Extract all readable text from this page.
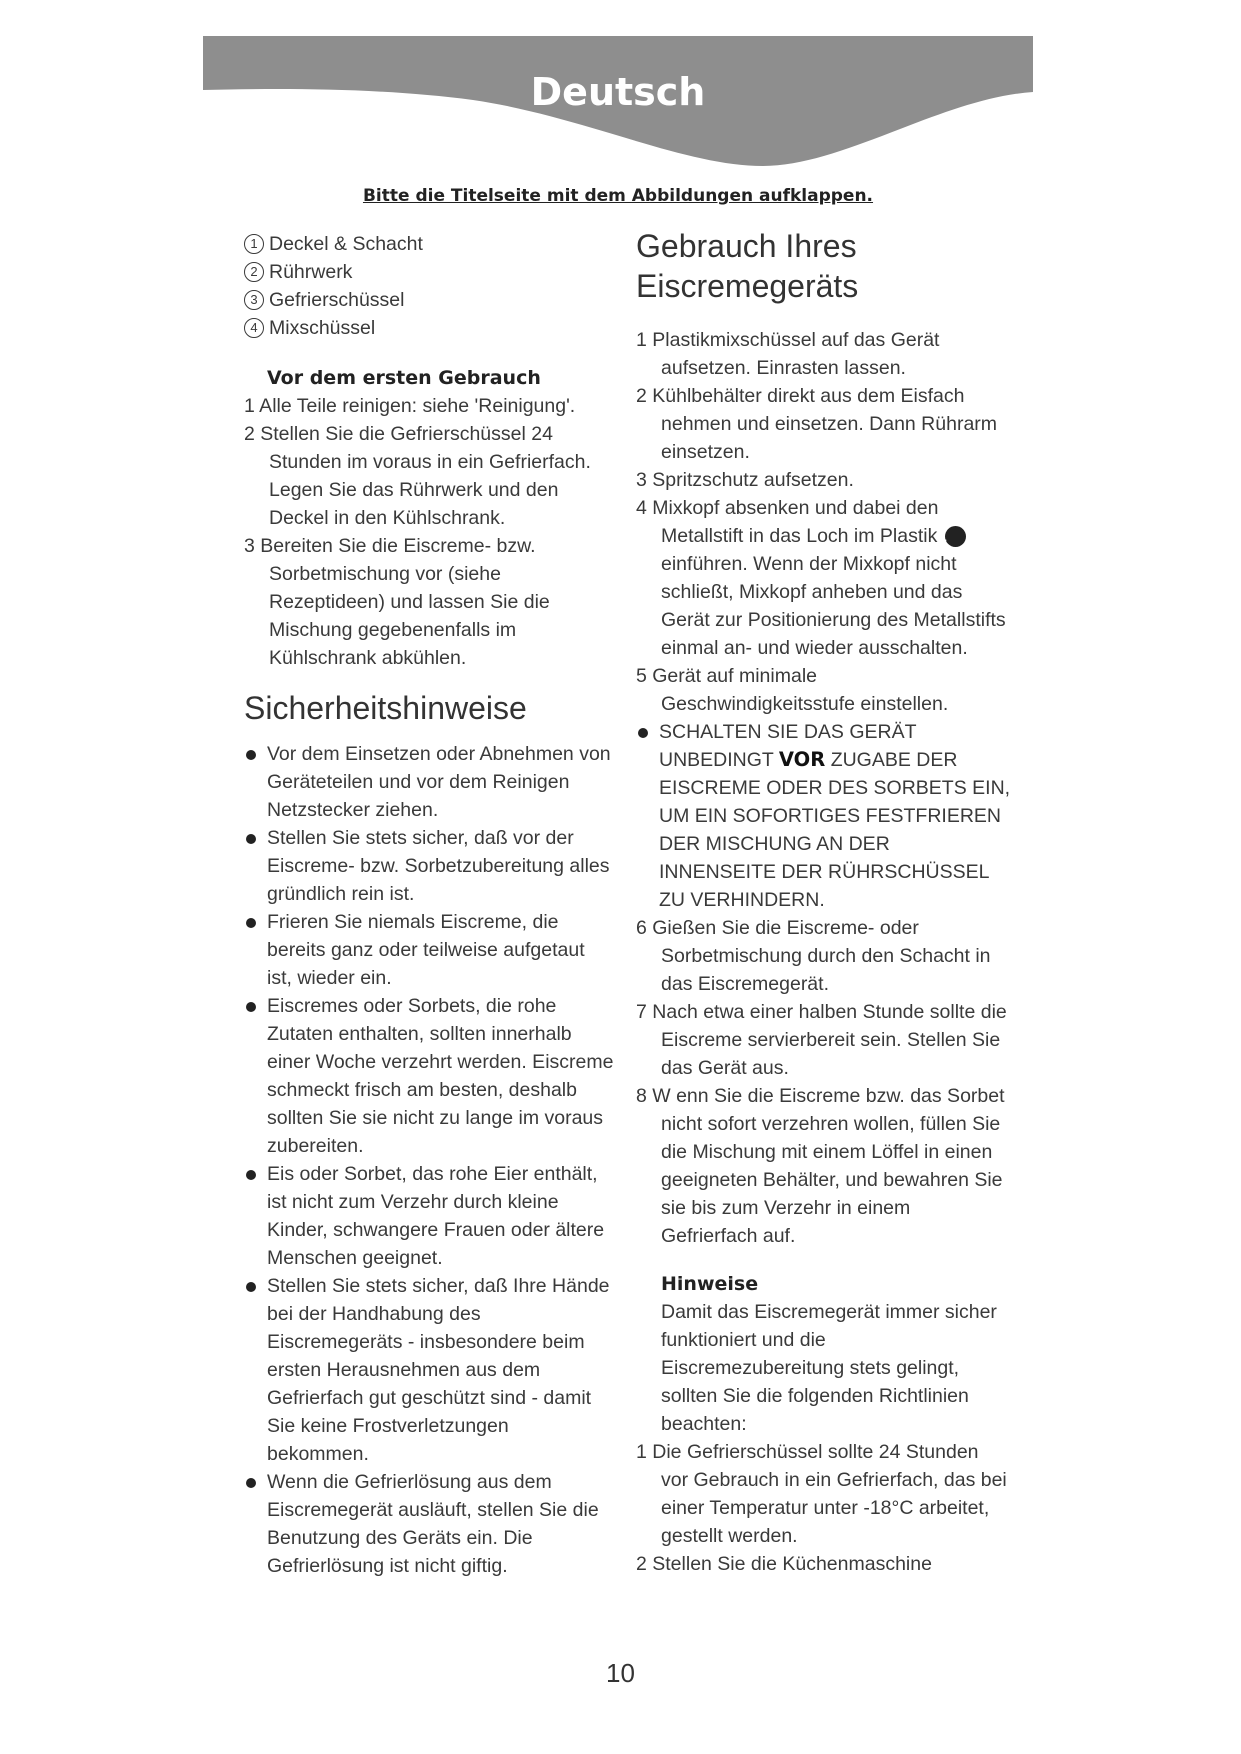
Deutsch
Bitte die Titelseite mit dem Abbildungen aufklappen.
1 Deckel & Schacht
2 Rührwerk
3 Gefrierschüssel
4 Mixschüssel
Vor dem ersten Gebrauch
1 Alle Teile reinigen: siehe 'Reinigung'.
2 Stellen Sie die Gefrierschüssel 24 Stunden im voraus in ein Gefrierfach. Legen Sie das Rührwerk und den Deckel in den Kühlschrank.
3 Bereiten Sie die Eiscreme- bzw. Sorbetmischung vor (siehe Rezeptideen) und lassen Sie die Mischung gegebenenfalls im Kühlschrank abkühlen.
Sicherheitshinweise
Vor dem Einsetzen oder Abnehmen von Geräteteilen und vor dem Reinigen Netzstecker ziehen.
Stellen Sie stets sicher, daß vor der Eiscreme- bzw. Sorbetzubereitung alles gründlich rein ist.
Frieren Sie niemals Eiscreme, die bereits ganz oder teilweise aufgetaut ist, wieder ein.
Eiscremes oder Sorbets, die rohe Zutaten enthalten, sollten innerhalb einer Woche verzehrt werden. Eiscreme schmeckt frisch am besten, deshalb sollten Sie sie nicht zu lange im voraus zubereiten.
Eis oder Sorbet, das rohe Eier enthält, ist nicht zum Verzehr durch kleine Kinder, schwangere Frauen oder ältere Menschen geeignet.
Stellen Sie stets sicher, daß Ihre Hände bei der Handhabung des Eiscremegeräts - insbesondere beim ersten Herausnehmen aus dem Gefrierfach gut geschützt sind - damit Sie keine Frostverletzungen bekommen.
Wenn die Gefrierlösung aus dem Eiscremegerät ausläuft, stellen Sie die Benutzung des Geräts ein. Die Gefrierlösung ist nicht giftig.
Gebrauch Ihres
Eiscremegeräts
1 Plastikmixschüssel auf das Gerät aufsetzen. Einrasten lassen.
2 Kühlbehälter direkt aus dem Eisfach nehmen und einsetzen. Dann Rührarm einsetzen.
3 Spritzschutz aufsetzen.
4 Mixkopf absenken und dabei den Metallstift in das Loch im Plastik 1 einführen. Wenn der Mixkopf nicht schließt, Mixkopf anheben und das Gerät zur Positionierung des Metallstifts einmal an- und wieder ausschalten.
5 Gerät auf minimale Geschwindigkeitsstufe einstellen.
SCHALTEN SIE DAS GERÄT UNBEDINGT VOR ZUGABE DER EISCREME ODER DES SORBETS EIN, UM EIN SOFORTIGES FESTFRIEREN DER MISCHUNG AN DER INNENSEITE DER RÜHRSCHÜSSEL ZU VERHINDERN.
6 Gießen Sie die Eiscreme- oder Sorbetmischung durch den Schacht in das Eiscremegerät.
7 Nach etwa einer halben Stunde sollte die Eiscreme servierbereit sein. Stellen Sie das Gerät aus.
8 W enn Sie die Eiscreme bzw. das Sorbet nicht sofort verzehren wollen, füllen Sie die Mischung mit einem Löffel in einen geeigneten Behälter, und bewahren Sie sie bis zum Verzehr in einem Gefrierfach auf.
Hinweise
Damit das Eiscremegerät immer sicher funktioniert und die Eiscremezubereitung stets gelingt, sollten Sie die folgenden Richtlinien beachten:
1 Die Gefrierschüssel sollte 24 Stunden vor Gebrauch in ein Gefrierfach, das bei einer Temperatur unter -18°C arbeitet, gestellt werden.
2 Stellen Sie die Küchenmaschine
10
